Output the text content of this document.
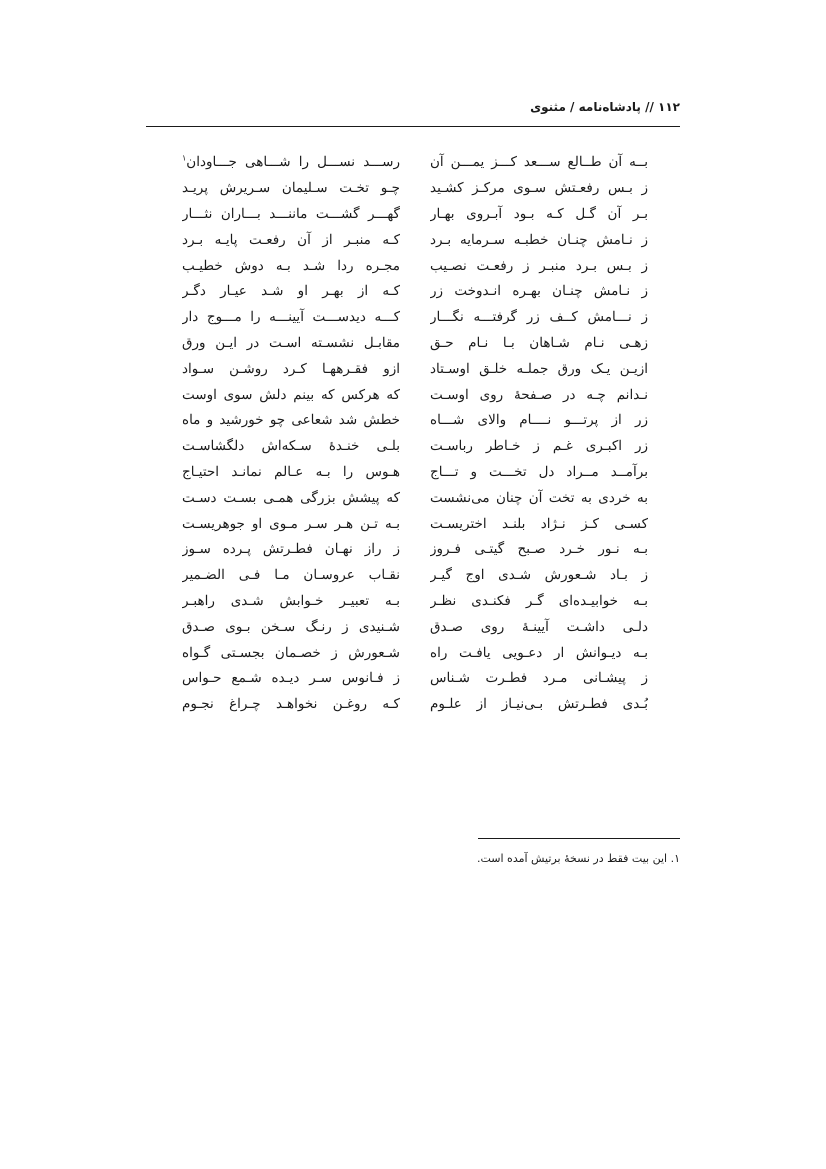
۱۱۲ // پادشاه‌نامه / مثنوی
بــه آن طــالع ســـعد کـــز یمـــن آن
رســـد نســـل را شـــاهی جـــاودان$^۱$
ز بـس رفعـتش سـوی مرکـز کشـید
چـو تخـت سـلیمان سـریرش پریـد
بـر آن گـل کـه بـود آبـروی بهـار
گهـــر گشـــت ماننـــد بـــاران نثـــار
ز نـامش چنـان خطبـه سـرمایه بـرد
کـه منبـر از آن رفعـت پایـه بـرد
ز بـس بـرد منبـر ز رفعـت نصـیب
مجـره ردا شـد بـه دوش خطیـب
ز نـامش چنـان بهـره انـدوخت زر
کـه از بهـر او شـد عیـار دگـر
ز نـــامش کــف زر گرفتـــه نگـــار
کـــه دیدســـت آیینـــه را مـــوج دار
زهـی نـام شـاهان بـا نـام حـق
مقابـل نشسـته اسـت در ایـن ورق
ازیـن یـک ورق جملـه خلـق اوسـتاد
ازو فقـرههـا کـرد روشـن سـواد
نـدانم چـه در صـفحهٔ روی اوسـت
که هرکس که بینم دلش سوی اوست
زر از پرتـــو نــــام والای شـــاه
خطش شد شعاعی چو خورشید و ماه
زر اکبـری غـم ز خـاطر رباسـت
بلـی خنـدهٔ سـکه‌اش دلگشاسـت
برآمــد مــراد دل تخـــت و تـــاج
هـوس را بـه عـالم نمانـد احتیـاج
به خردی به تخت آن چنان می‌نشست
که پیشش بزرگی همـی بسـت دسـت
کسـی کـز نـژاد بلنـد اختریسـت
بـه تـن هـر سـر مـوی او جوهریسـت
بـه نـور خـرد صـبح گیتـی فـروز
ز راز نهـان فطـرتش پـرده سـوز
ز بـاد شـعورش شـدی اوج گیـر
نقـاب عروسـان مـا فـی الضـمیر
بـه خوابیـده‌ای گـر فکنـدی نظـر
بـه تعبیـر خـوابش شـدی راهبـر
دلـی داشـت آیینـهٔ روی صـدق
شـنیدی ز رنـگ سـخن بـوی صـدق
بـه دیـوانش ار دعـویی یافـت راه
شـعورش ز خصـمان بجسـتی گـواه
ز پیشـانی مـرد فطـرت شـناس
ز فـانوس سـر دیـده شـمع حـواس
بُـدی فطـرتش بـی‌نیـاز از علـوم
کـه روغـن نخواهـد چـراغ نجـوم
۱. این بیت فقط در نسخهٔ برتیش آمده است.
